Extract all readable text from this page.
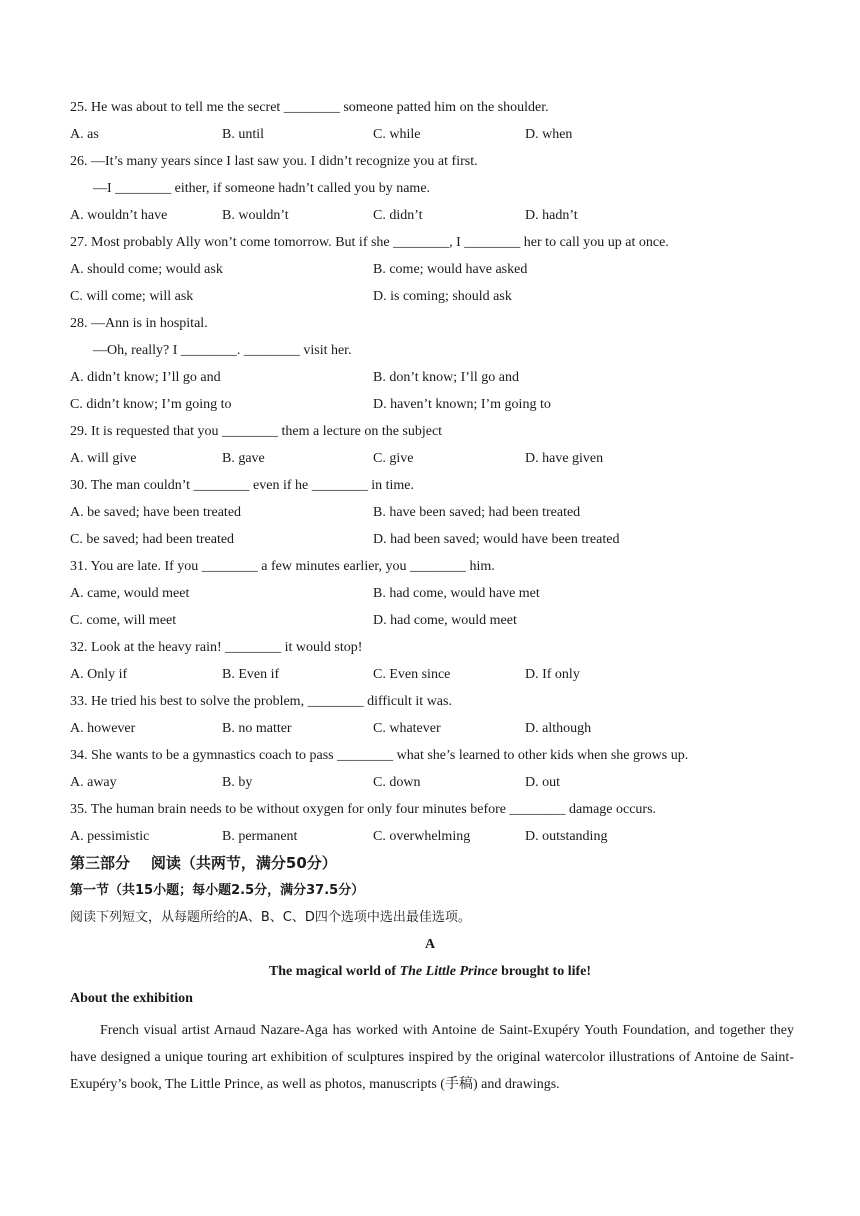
25. He was about to tell me the secret ________ someone patted him on the shoulder.
A. as	B. until	C. while	D. when
26. —It’s many years since I last saw you. I didn’t recognize you at first.
—I ________ either, if someone hadn’t called you by name.
A. wouldn’t have	B. wouldn’t	C. didn’t	D. hadn’t
27. Most probably Ally won’t come tomorrow. But if she ________, I ________ her to call you up at once.
A. should come; would ask	B. come; would have asked
C. will come; will ask	D. is coming; should ask
28. —Ann is in hospital.
—Oh, really? I ________. ________ visit her.
A. didn’t know; I’ll go and	B. don’t know; I’ll go and
C. didn’t know; I’m going to	D. haven’t known; I’m going to
29. It is requested that you ________ them a lecture on the subject
A. will give	B. gave	C. give	D. have given
30. The man couldn’t ________ even if he ________ in time.
A. be saved; have been treated	B. have been saved; had been treated
C. be saved; had been treated	D. had been saved; would have been treated
31. You are late. If you ________ a few minutes earlier, you ________ him.
A. came, would meet	B. had come, would have met
C. come, will meet	D. had come, would meet
32. Look at the heavy rain! ________ it would stop!
A. Only if	B. Even if	C. Even since	D. If only
33. He tried his best to solve the problem, ________ difficult it was.
A. however	B. no matter	C. whatever	D. although
34. She wants to be a gymnastics coach to pass ________ what she’s learned to other kids when she grows up.
A. away	B. by	C. down	D. out
35. The human brain needs to be without oxygen for only four minutes before ________ damage occurs.
A. pessimistic	B. permanent	C. overwhelming	D. outstanding
第三部分    阅读（共两节，满分50分）
第一节（共15小题；每小题2.5分，满分37.5分）
阅读下列短文，从每题所给的A、B、C、D四个选项中选出最佳选项。
A
The magical world of The Little Prince brought to life!
About the exhibition

French visual artist Arnaud Nazare-Aga has worked with Antoine de Saint-Exupéry Youth Foundation, and together they have designed a unique touring art exhibition of sculptures inspired by the original watercolor illustrations of Antoine de Saint-Exupéry’s book, The Little Prince, as well as photos, manuscripts (手稿) and drawings.
